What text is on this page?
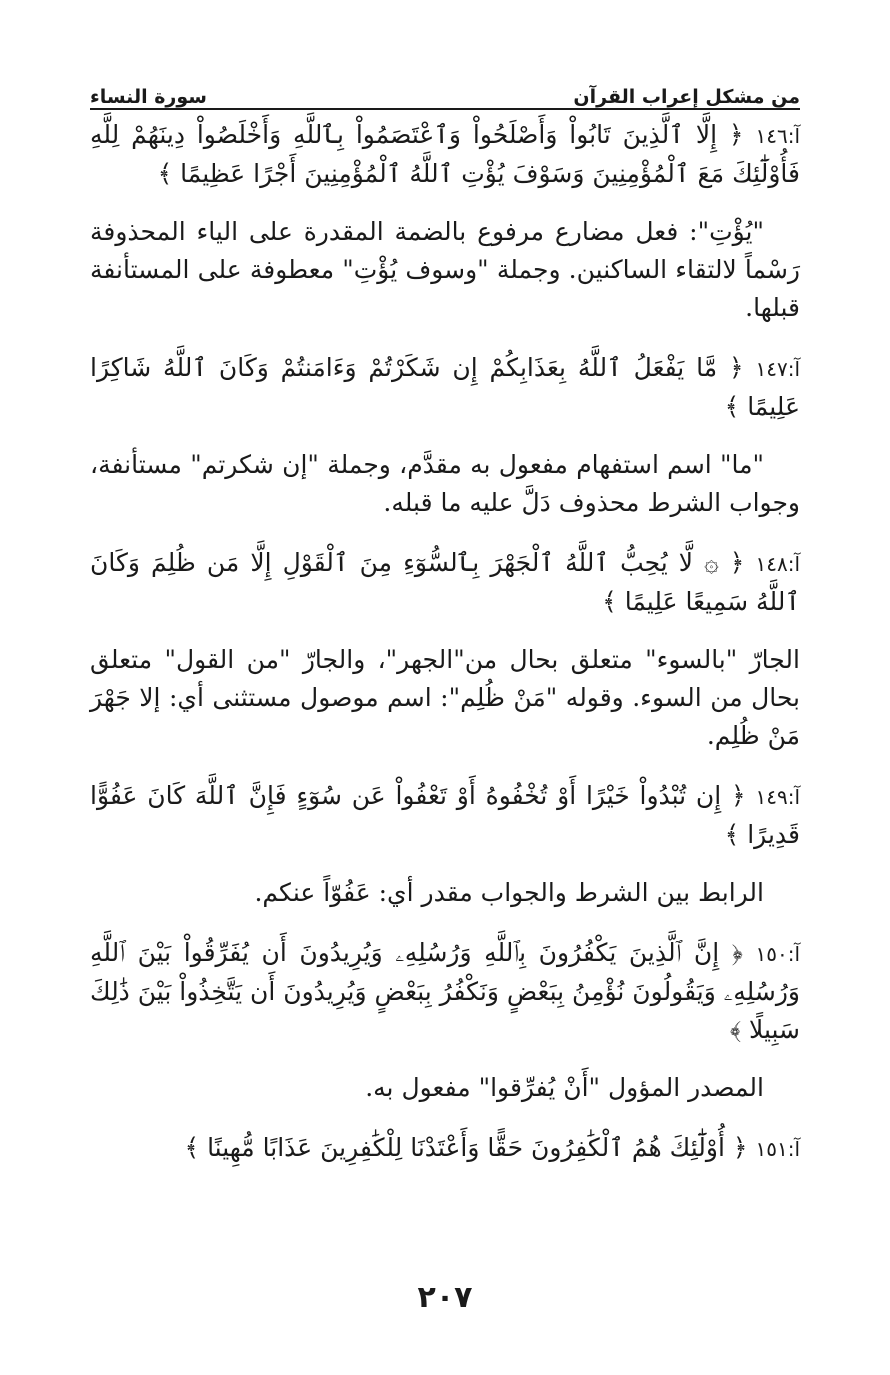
سورة النساء	من مشكل إعراب القرآن

آ:١٤٦ ﴿ إِلَّا ٱلَّذِينَ تَابُواْ وَأَصْلَحُواْ وَٱعْتَصَمُواْ بِٱللَّهِ وَأَخْلَصُواْ دِينَهُمْ لِلَّهِ فَأُوْلَٰٓئِكَ مَعَ ٱلْمُؤْمِنِينَ وَسَوْفَ يُؤْتِ ٱللَّهُ ٱلْمُؤْمِنِينَ أَجْرًا عَظِيمًا ﴾

"يُؤْتِ": فعل مضارع مرفوع بالضمة المقدرة على الياء المحذوفة رَسْماً لالتقاء الساكنين. وجملة "وسوف يُؤْتِ" معطوفة على المستأنفة قبلها.

آ:١٤٧ ﴿ مَّا يَفْعَلُ ٱللَّهُ بِعَذَابِكُمْ إِن شَكَرْتُمْ وَءَامَنتُمْ وَكَانَ ٱللَّهُ شَاكِرًا عَلِيمًا ﴾

"ما" اسم استفهام مفعول به مقدَّم، وجملة "إن شكرتم" مستأنفة، وجواب الشرط محذوف دَلَّ عليه ما قبله.

آ:١٤٨ ﴿ ۞ لَّا يُحِبُّ ٱللَّهُ ٱلْجَهْرَ بِٱلسُّوٓءِ مِنَ ٱلْقَوْلِ إِلَّا مَن ظُلِمَ وَكَانَ ٱللَّهُ سَمِيعًا عَلِيمًا ﴾

الجارّ "بالسوء" متعلق بحال من"الجهر"، والجارّ "من القول" متعلق بحال من السوء. وقوله "مَنْ ظُلِم": اسم موصول مستثنى أي: إلا جَهْرَ مَنْ ظُلِم.

آ:١٤٩ ﴿ إِن تُبْدُواْ خَيْرًا أَوْ تُخْفُوهُ أَوْ تَعْفُواْ عَن سُوٓءٍ فَإِنَّ ٱللَّهَ كَانَ عَفُوًّا قَدِيرًا ﴾

الرابط بين الشرط والجواب مقدر أي: عَفُوّاً عنكم.

آ:١٥٠ ﴿ إِنَّ ٱلَّذِينَ يَكْفُرُونَ بِٱللَّهِ وَرُسُلِهِۦ وَيُرِيدُونَ أَن يُفَرِّقُواْ بَيْنَ ٱللَّهِ وَرُسُلِهِۦ وَيَقُولُونَ نُؤْمِنُ بِبَعْضٍ وَنَكْفُرُ بِبَعْضٍ وَيُرِيدُونَ أَن يَتَّخِذُواْ بَيْنَ ذَٰلِكَ سَبِيلًا ﴾

المصدر المؤول "أَنْ يُفرِّقوا" مفعول به.

آ:١٥١ ﴿ أُوْلَٰٓئِكَ هُمُ ٱلْكَٰفِرُونَ حَقًّا وَأَعْتَدْنَا لِلْكَٰفِرِينَ عَذَابًا مُّهِينًا ﴾

٢٠٧
